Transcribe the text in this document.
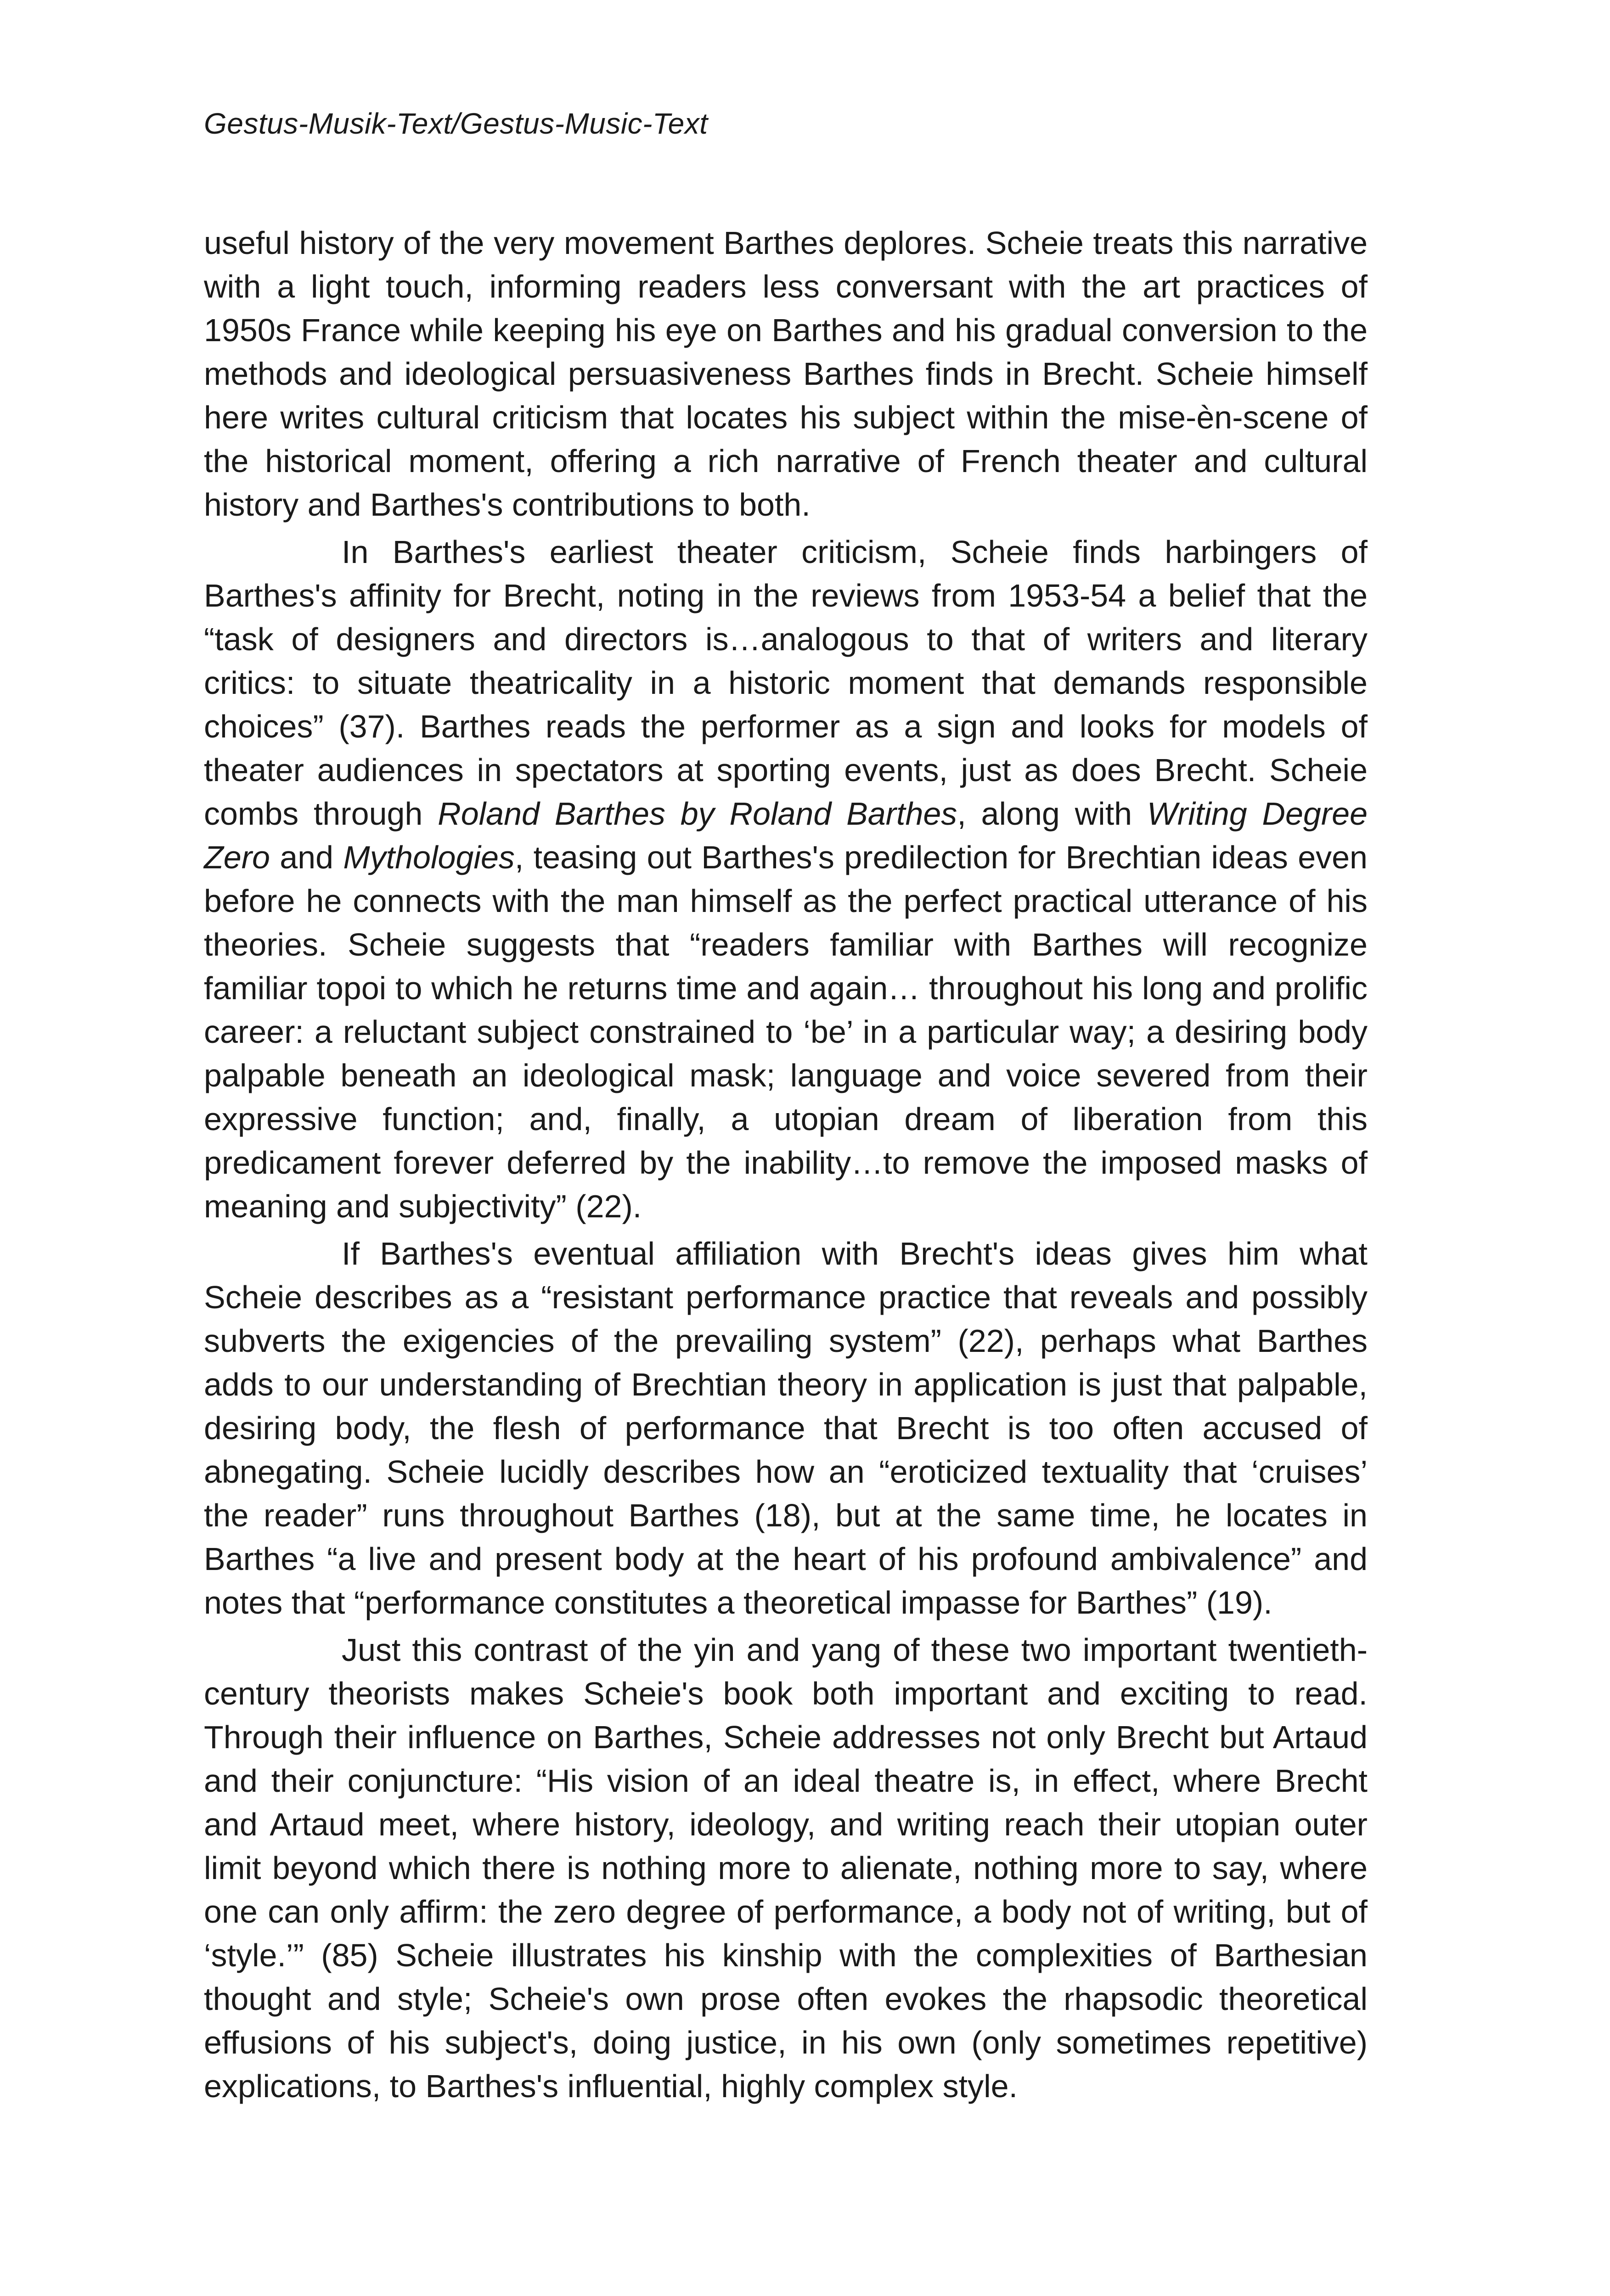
Gestus-Musik-Text/Gestus-Music-Text

useful history of the very movement Barthes deplores. Scheie treats this narrative with a light touch, informing readers less conversant with the art practices of 1950s France while keeping his eye on Barthes and his gradual conversion to the methods and ideological persuasiveness Barthes finds in Brecht. Scheie himself here writes cultural criticism that locates his subject within the mise-èn-scene of the historical moment, offering a rich narrative of French theater and cultural history and Barthes's contributions to both.

In Barthes's earliest theater criticism, Scheie finds harbingers of Barthes's affinity for Brecht, noting in the reviews from 1953-54 a belief that the “task of designers and directors is…analogous to that of writers and literary critics: to situate theatricality in a historic moment that demands responsible choices” (37). Barthes reads the performer as a sign and looks for models of theater audiences in spectators at sporting events, just as does Brecht. Scheie combs through Roland Barthes by Roland Barthes, along with Writing Degree Zero and Mythologies, teasing out Barthes's predilection for Brechtian ideas even before he connects with the man himself as the perfect practical utterance of his theories. Scheie suggests that “readers familiar with Barthes will recognize familiar topoi to which he returns time and again… throughout his long and prolific career: a reluctant subject constrained to ‘be’ in a particular way; a desiring body palpable beneath an ideological mask; language and voice severed from their expressive function; and, finally, a utopian dream of liberation from this predicament forever deferred by the inability…to remove the imposed masks of meaning and subjectivity” (22).

If Barthes's eventual affiliation with Brecht's ideas gives him what Scheie describes as a “resistant performance practice that reveals and possibly subverts the exigencies of the prevailing system” (22), perhaps what Barthes adds to our understanding of Brechtian theory in application is just that palpable, desiring body, the flesh of performance that Brecht is too often accused of abnegating. Scheie lucidly describes how an “eroticized textuality that ‘cruises’ the reader” runs throughout Barthes (18), but at the same time, he locates in Barthes “a live and present body at the heart of his profound ambivalence” and notes that “performance constitutes a theoretical impasse for Barthes” (19).

Just this contrast of the yin and yang of these two important twentieth-century theorists makes Scheie's book both important and exciting to read. Through their influence on Barthes, Scheie addresses not only Brecht but Artaud and their conjuncture: “His vision of an ideal theatre is, in effect, where Brecht and Artaud meet, where history, ideology, and writing reach their utopian outer limit beyond which there is nothing more to alienate, nothing more to say, where one can only affirm: the zero degree of performance, a body not of writing, but of ‘style.’” (85) Scheie illustrates his kinship with the complexities of Barthesian thought and style; Scheie's own prose often evokes the rhapsodic theoretical effusions of his subject's, doing justice, in his own (only sometimes repetitive) explications, to Barthes's influential, highly complex style.
